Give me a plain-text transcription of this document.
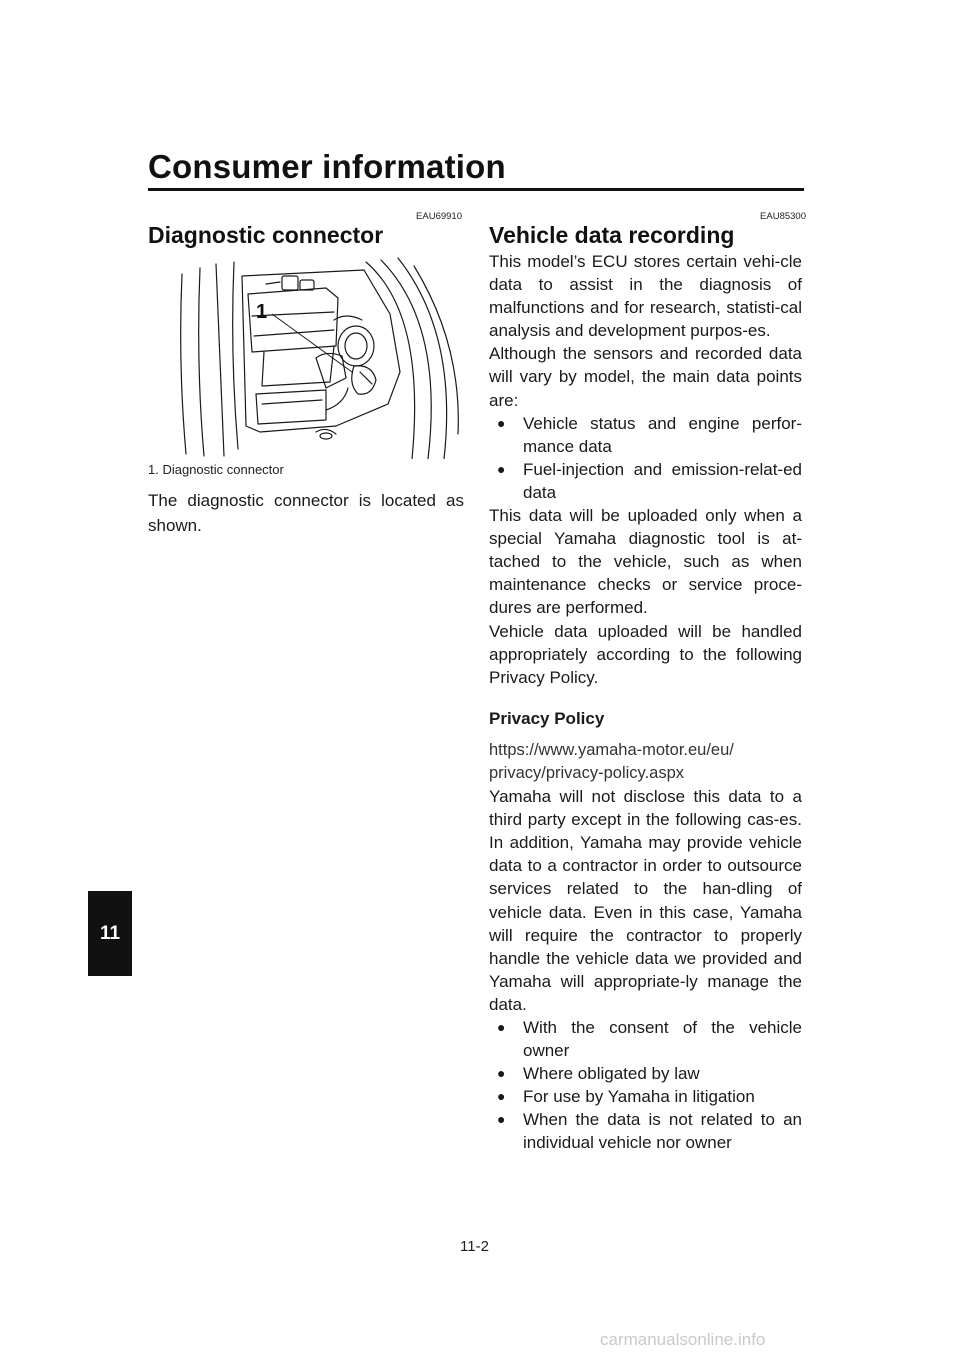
Consumer information
11
EAU69910
Diagnostic connector
1
1. Diagnostic connector
The diagnostic connector is located as shown.
EAU85300
Vehicle data recording

This model’s ECU stores certain vehi-cle data to assist in the diagnosis of malfunctions and for research, statisti-cal analysis and development purpos-es.

Although the sensors and recorded data will vary by model, the main data points are:

● Vehicle status and engine perfor-mance data
● Fuel-injection and emission-relat-ed data

This data will be uploaded only when a special Yamaha diagnostic tool is at-tached to the vehicle, such as when maintenance checks or service proce-dures are performed.

Vehicle data uploaded will be handled appropriately according to the following Privacy Policy.

Privacy Policy

https://www.yamaha-motor.eu/eu/

privacy/privacy-policy.aspx

Yamaha will not disclose this data to a third party except in the following cas-es. In addition, Yamaha may provide vehicle data to a contractor in order to outsource services related to the han-dling of vehicle data. Even in this case, Yamaha will require the contractor to properly handle the vehicle data we provided and Yamaha will appropriate-ly manage the data.

● With the consent of the vehicle owner
● Where obligated by law
● For use by Yamaha in litigation
● When the data is not related to an individual vehicle nor owner
11-2
carmanualsonline.info
